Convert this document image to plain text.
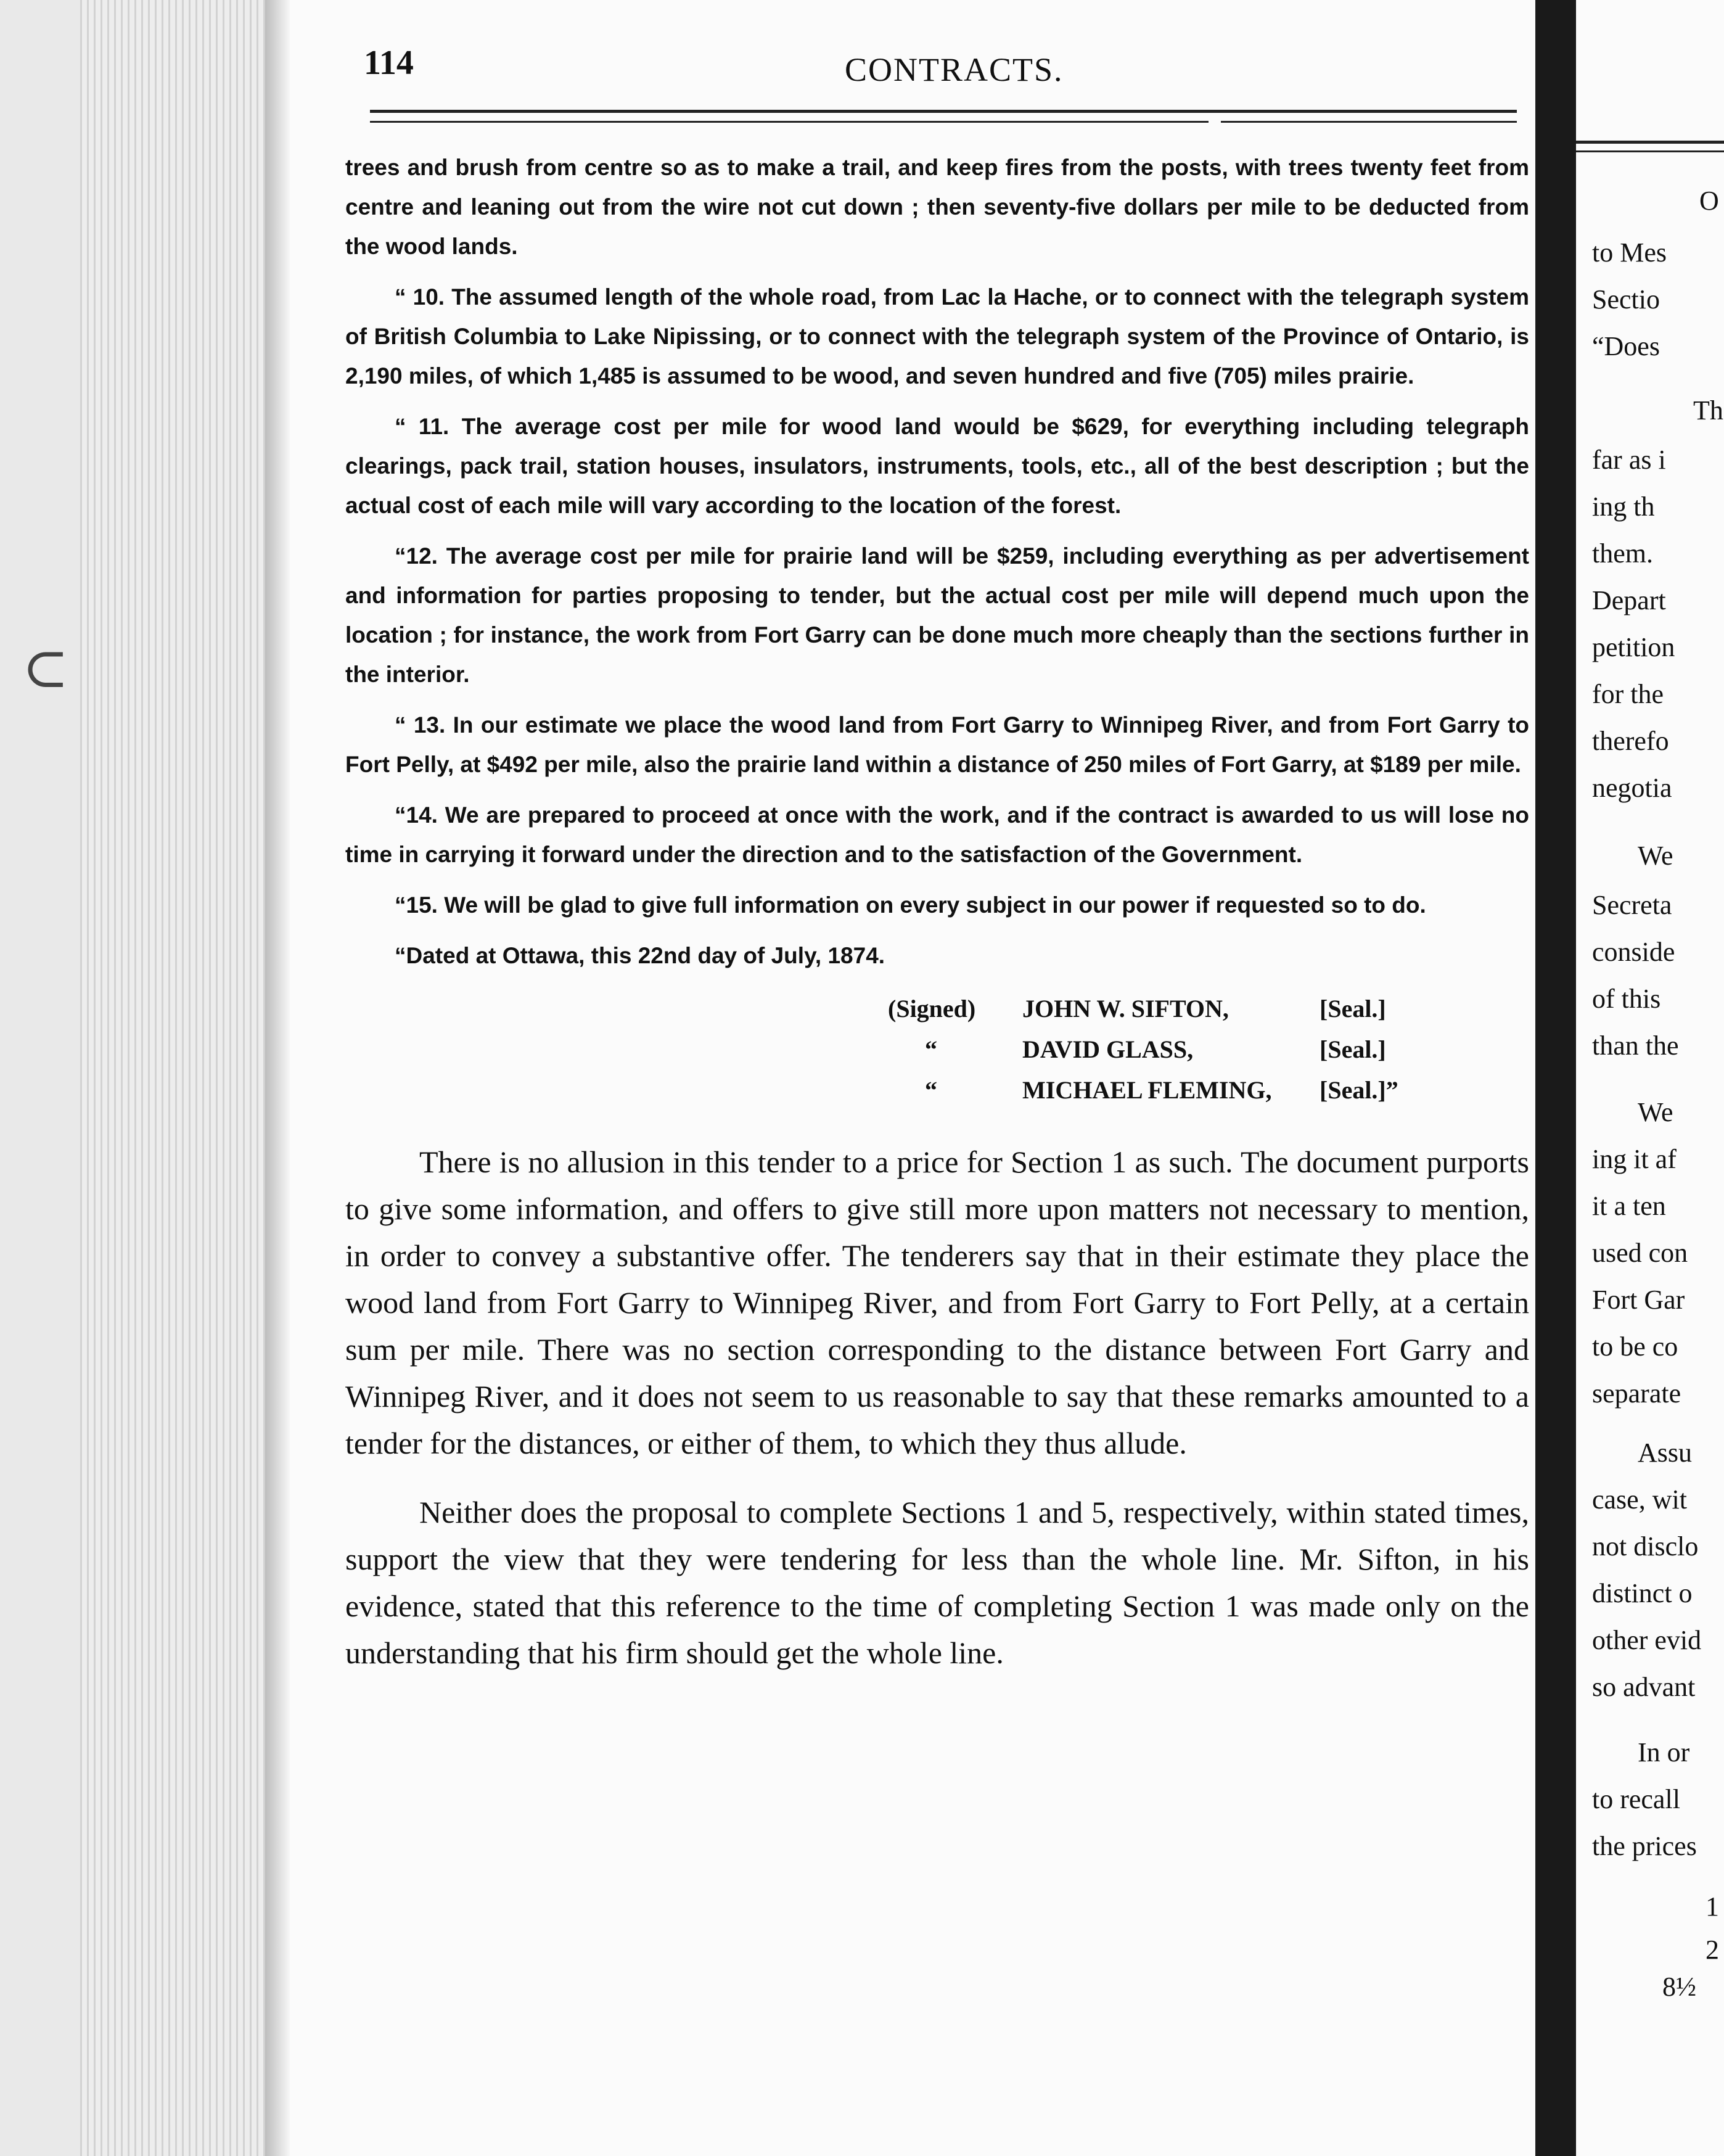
⊂
114	CONTRACTS.

trees and brush from centre so as to make a trail, and keep fires from the posts, with trees twenty feet from centre and leaning out from the wire not cut down ; then seventy-five dollars per mile to be deducted from the wood lands.

“ 10. The assumed length of the whole road, from Lac la Hache, or to connect with the telegraph system of British Columbia to Lake Nipissing, or to connect with the telegraph system of the Province of Ontario, is 2,190 miles, of which 1,485 is assumed to be wood, and seven hundred and five (705) miles prairie.

“ 11. The average cost per mile for wood land would be $629, for everything including telegraph clearings, pack trail, station houses, insulators, instruments, tools, etc., all of the best description ; but the actual cost of each mile will vary according to the location of the forest.

“12. The average cost per mile for prairie land will be $259, including everything as per advertisement and information for parties proposing to tender, but the actual cost per mile will depend much upon the location ; for instance, the work from Fort Garry can be done much more cheaply than the sections further in the interior.

“ 13. In our estimate we place the wood land from Fort Garry to Winnipeg River, and from Fort Garry to Fort Pelly, at $492 per mile, also the prairie land within a distance of 250 miles of Fort Garry, at $189 per mile.

“14. We are prepared to proceed at once with the work, and if the contract is awarded to us will lose no time in carrying it forward under the direction and to the satisfaction of the Government.

“15. We will be glad to give full information on every subject in our power if requested so to do.

“Dated at Ottawa, this 22nd day of July, 1874.

(Signed) JOHN W. SIFTON,	[Seal.]
“	DAVID GLASS,	[Seal.]
“	MICHAEL FLEMING, [Seal.]”

There is no allusion in this tender to a price for Section 1 as such. The document purports to give some information, and offers to give still more upon matters not necessary to mention, in order to convey a substantive offer. The tenderers say that in their estimate they place the wood land from Fort Garry to Winnipeg River, and from Fort Garry to Fort Pelly, at a certain sum per mile. There was no section corresponding to the distance between Fort Garry and Winnipeg River, and it does not seem to us reasonable to say that these remarks amounted to a tender for the distances, or either of them, to which they thus allude.

Neither does the proposal to complete Sections 1 and 5, respectively, within stated times, support the view that they were tendering for less than the whole line. Mr. Sifton, in his evidence, stated that this reference to the time of completing Section 1 was made only on the understanding that his firm should get the whole line.

O
to Mes
Sectio
“Does
Th
far as i
ing th
them.
Depart
petition
for the
therefo
negotia
We
Secreta
conside
of this
than the
We
ing it af
it a ten
used con
Fort Gar
to be co
separate
Assu
case, wit
not disclo
distinct o
other evid
so advant
In or
to recall
the prices
1
2
8½
